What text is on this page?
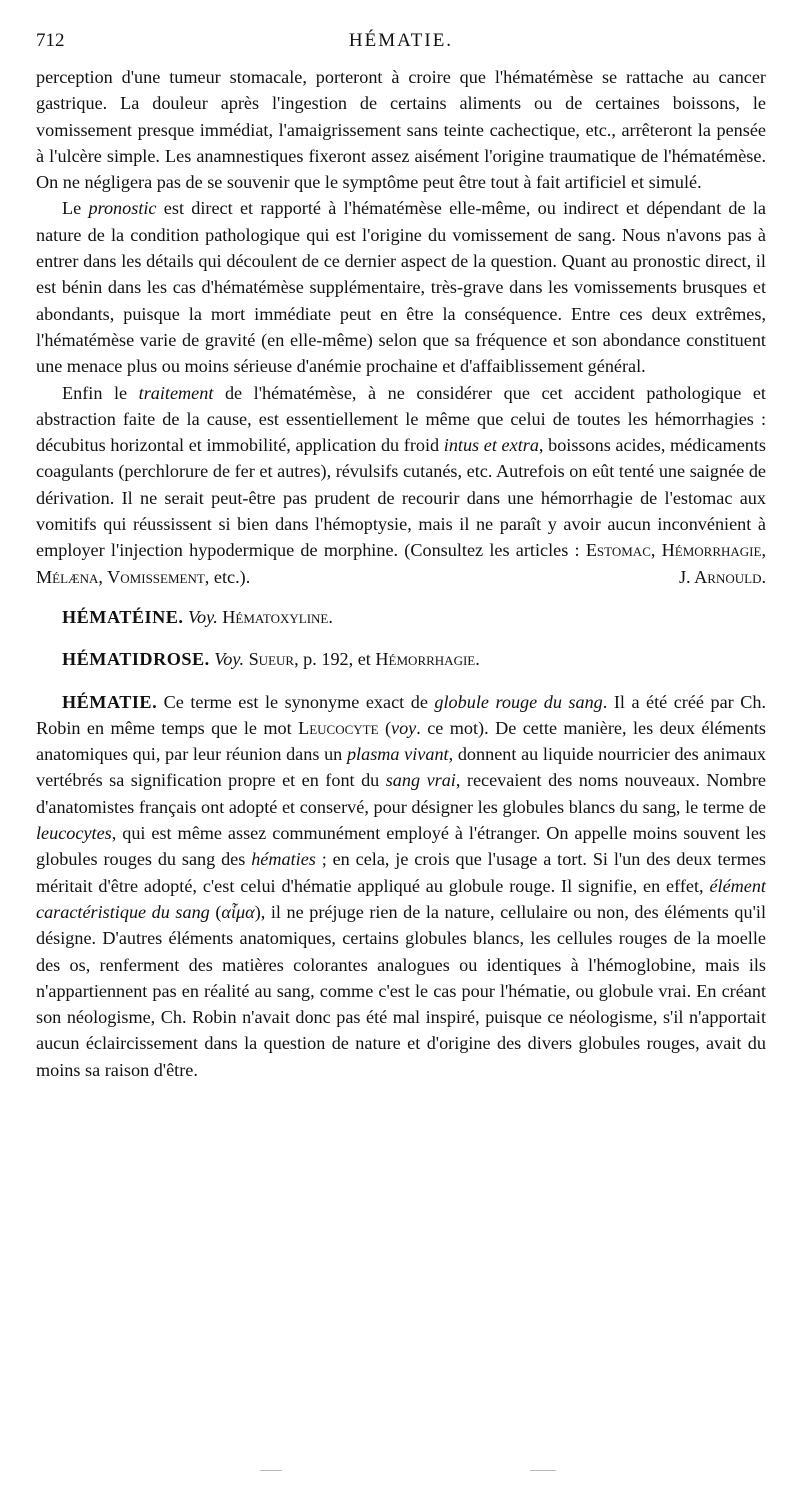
712	HÉMATIE.

perception d'une tumeur stomacale, porteront à croire que l'hématémèse se rattache au cancer gastrique. La douleur après l'ingestion de certains aliments ou de certaines boissons, le vomissement presque immédiat, l'amaigrissement sans teinte cachectique, etc., arrêteront la pensée à l'ulcère simple. Les anamnestiques fixeront assez aisément l'origine traumatique de l'hématémèse. On ne négligera pas de se souvenir que le symptôme peut être tout à fait artificiel et simulé.

Le pronostic est direct et rapporté à l'hématémèse elle-même, ou indirect et dépendant de la nature de la condition pathologique qui est l'origine du vomissement de sang. Nous n'avons pas à entrer dans les détails qui découlent de ce dernier aspect de la question. Quant au pronostic direct, il est bénin dans les cas d'hématémèse supplémentaire, très-grave dans les vomissements brusques et abondants, puisque la mort immédiate peut en être la conséquence. Entre ces deux extrêmes, l'hématémèse varie de gravité (en elle-même) selon que sa fréquence et son abondance constituent une menace plus ou moins sérieuse d'anémie prochaine et d'affaiblissement général.

Enfin le traitement de l'hématémèse, à ne considérer que cet accident pathologique et abstraction faite de la cause, est essentiellement le même que celui de toutes les hémorrhagies : décubitus horizontal et immobilité, application du froid intus et extra, boissons acides, médicaments coagulants (perchlorure de fer et autres), révulsifs cutanés, etc. Autrefois on eût tenté une saignée de dérivation. Il ne serait peut-être pas prudent de recourir dans une hémorrhagie de l'estomac aux vomitifs qui réussissent si bien dans l'hémoptysie, mais il ne paraît y avoir aucun inconvénient à employer l'injection hypodermique de morphine. (Consultez les articles : Estomac, Hémorrhagie, Mélæna, Vomissement, etc.).	J. Arnould.

HÉMATÉINE. Voy. Hématoxyline.

HÉMATIDROSE. Voy. Sueur, p. 192, et Hémorrhagie.

HÉMATIE. Ce terme est le synonyme exact de globule rouge du sang. Il a été créé par Ch. Robin en même temps que le mot Leucocyte (voy. ce mot). De cette manière, les deux éléments anatomiques qui, par leur réunion dans un plasma vivant, donnent au liquide nourricier des animaux vertébrés sa signification propre et en font du sang vrai, recevaient des noms nouveaux. Nombre d'anatomistes français ont adopté et conservé, pour désigner les globules blancs du sang, le terme de leucocytes, qui est même assez communément employé à l'étranger. On appelle moins souvent les globules rouges du sang des hématies ; en cela, je crois que l'usage a tort. Si l'un des deux termes méritait d'être adopté, c'est celui d'hématie appliqué au globule rouge. Il signifie, en effet, élément caractéristique du sang (αἷμα), il ne préjuge rien de la nature, cellulaire ou non, des éléments qu'il désigne. D'autres éléments anatomiques, certains globules blancs, les cellules rouges de la moelle des os, renferment des matières colorantes analogues ou identiques à l'hémoglobine, mais ils n'appartiennent pas en réalité au sang, comme c'est le cas pour l'hématie, ou globule vrai. En créant son néologisme, Ch. Robin n'avait donc pas été mal inspiré, puisque ce néologisme, s'il n'apportait aucun éclaircissement dans la question de nature et d'origine des divers globules rouges, avait du moins sa raison d'être.
